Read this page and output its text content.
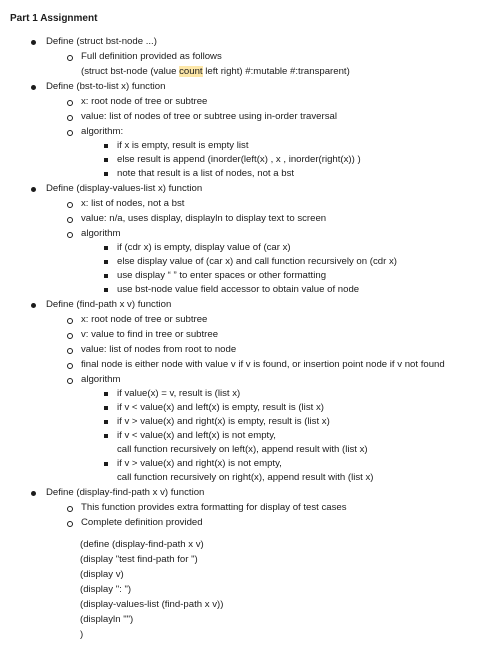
Part 1 Assignment
Define (struct bst-node ...)
Full definition provided as follows
(struct bst-node (value count left right) #:mutable #:transparent)
Define (bst-to-list x) function
x: root node of tree or subtree
value: list of nodes of tree or subtree using in-order traversal
algorithm:
if x is empty, result is empty list
else result is append (inorder(left(x) , x , inorder(right(x)) )
note that result is a list of nodes, not a bst
Define (display-values-list x) function
x: list of nodes, not a bst
value: n/a, uses display, displayln to display text to screen
algorithm
if (cdr x) is empty, display value of (car x)
else display value of (car x) and call function recursively on (cdr x)
use display “ ” to enter spaces or other formatting
use bst-node value field accessor to obtain value of node
Define (find-path x v) function
x: root node of tree or subtree
v: value to find in tree or subtree
value: list of nodes from root to node
final node is either node with value v if v is found, or insertion point node if v not found
algorithm
if value(x) = v, result is (list x)
if v < value(x) and left(x) is empty, result is (list x)
if v > value(x) and right(x) is empty, result is (list x)
if v < value(x) and left(x) is not empty,
call function recursively on left(x), append result with (list x)
if v > value(x) and right(x) is not empty,
call function recursively on right(x), append result with (list x)
Define (display-find-path x v) function
This function provides extra formatting for display of test cases
Complete definition provided
(define (display-find-path x v)
(display "test find-path for ")
(display v)
(display ": ")
(display-values-list (find-path x v))
(displayln "")
)
